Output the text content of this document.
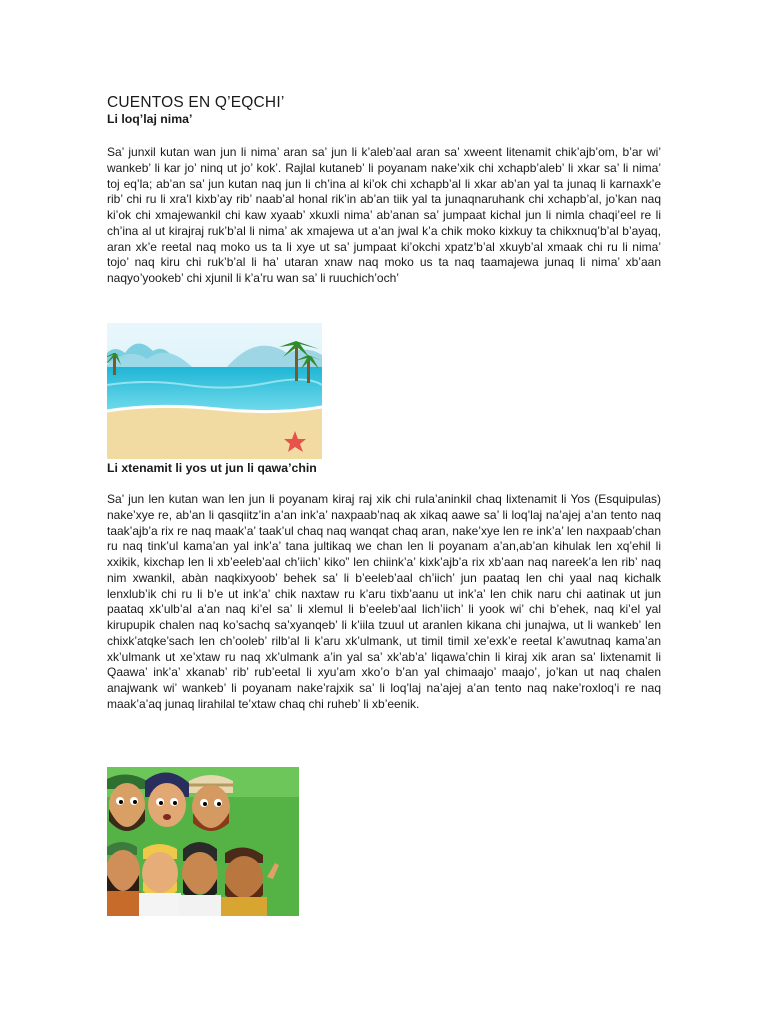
CUENTOS EN Q’EQCHI’
Li loq’laj nima’

Sa’ junxil kutan wan jun li nima’ aran sa’ jun li k’aleb’aal aran sa’ xweent litenamit chik’ajb’om, b’ar wi’ wankeb’ li kar jo’ ninq ut jo’ kok’. Rajlal kutaneb’ li poyanam nake’xik chi xchapb’aleb’ li xkar sa’ li nima’ toj eq’la; ab’an sa’ jun kutan naq jun li ch’ina al ki’ok chi xchapb’al li xkar ab’an yal ta junaq li karnaxk’e rib’ chi ru li xra’l kixb’ay rib’ naab’al honal rik’in ab’an tiik yal ta junaqnaruhank chi xchapb’al, jo’kan naq ki’ok chi xmajewankil chi kaw xyaab’ xkuxli nima’ ab’anan sa’ jumpaat kichal jun li nimla chaqi’eel re li ch’ina al ut kirajraj ruk’b’al li nima’ ak xmajewa ut a’an jwal k’a chik moko kixkuy ta chikxnuq’b’al b’ayaq, aran xk’e reetal naq moko us ta li xye ut sa’ jumpaat ki’okchi xpatz’b’al xkuyb’al xmaak chi ru li nima’ tojo’ naq kiru chi ruk’b’al li ha’ utaran xnaw naq moko us ta naq taamajewa junaq li nima’ xb’aan naqyo’yookeb’ chi xjunil li k’a’ru wan sa’ li ruuchich’och’

Li xtenamit li yos ut jun li qawa’chin

Sa’ jun len kutan wan len jun li poyanam kiraj raj xik chi rula’aninkil chaq lixtenamit li Yos (Esquipulas) nake’xye re, ab’an li qasqiitz’in a’an ink’a’ naxpaab’naq ak xikaq aawe sa’ li loq’laj na’ajej a’an tento naq taak’ajb’a rix re naq maak’a’ taak’ul chaq naq wanqat chaq aran, nake’xye len re ink’a’ len naxpaab’chan ru naq tink’ul kama’an yal ink’a’ tana jultikaq we chan len li poyanam a’an,ab’an kihulak len xq’ehil li xxikik, kixchap len li xb’eeleb’aal ch’iich’ kiko” len chiink’a’ kixk’ajb’a rix xb’aan naq nareek’a len rib’ naq nim xwankil, abàn naqkixyoob’ behek sa’ li b’eeleb’aal ch’iich’ jun paataq len chi yaal naq kichalk lenxlub’ik chi ru li b’e ut ink’a’ chik naxtaw ru k’aru tixb’aanu ut ink’a’ len chik naru chi aatinak ut jun paataq xk’ulb’al a’an naq ki’el sa’ li xlemul li b’eeleb’aal lich’iich’ li yook wi’ chi b’ehek, naq ki’el yal kirupupik chalen naq ko’sachq sa’xyanqeb’ li k’iila tzuul ut aranlen kikana chi junajwa, ut li wankeb’ len chixk’atqke’sach len ch’ooleb’ rilb’al li k’aru xk’ulmank, ut timil timil xe’exk’e reetal k’awutnaq kama’an xk’ulmank ut xe’xtaw ru naq xk’ulmank a’in yal sa’ xk’ab’a’ liqawa’chin li kiraj xik aran sa’ lixtenamit li Qaawa’ ink’a’ xkanab’ rib’ rub’eetal li xyu’am xko’o b’an yal chimaajo’ maajo’, jo’kan ut naq chalen anajwank wi’ wankeb’ li poyanam nake’rajxik sa’ li loq’laj na’ajej a’an tento naq nake’roxloq’i re naq maak’a’aq junaq lirahilal te’xtaw chaq chi ruheb’ li xb’eenik.
